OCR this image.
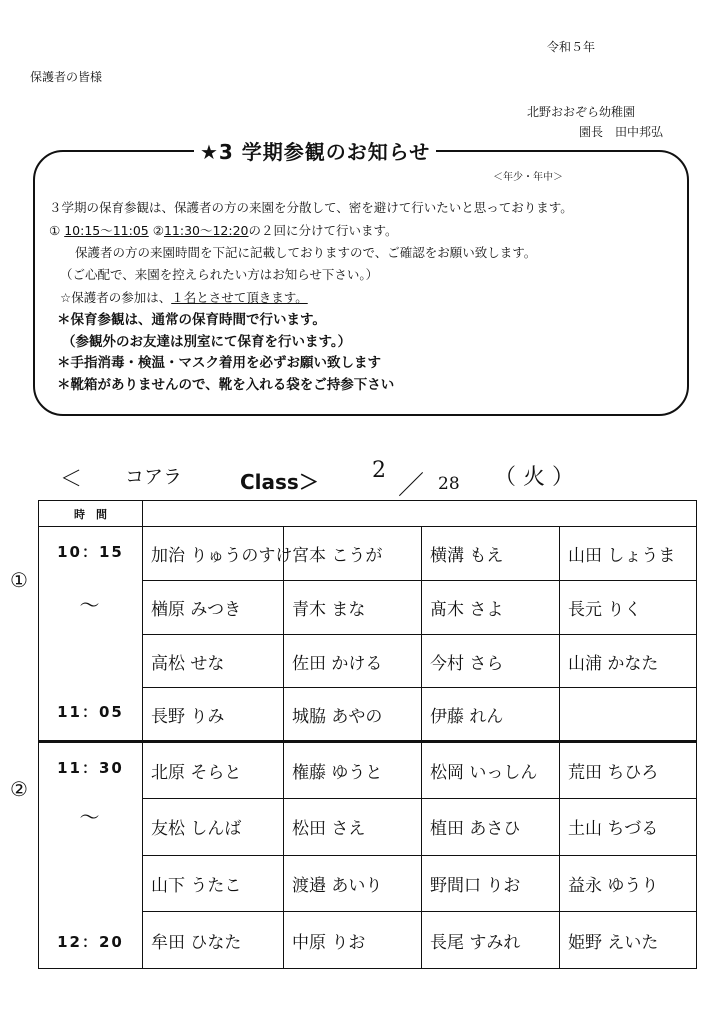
令和５年
保護者の皆様
北野おおぞら幼稚園
園長　田中邦弘
★3 学期参観のお知らせ
＜年少・年中＞
３学期の保育参観は、保護者の方の来園を分散して、密を避けて行いたいと思っております。
① 10:15～11:05 ②11:30～12:20の２回に分けて行います。
保護者の方の来園時間を下記に記載しておりますので、ご確認をお願い致します。
（ご心配で、来園を控えられたい方はお知らせ下さい。）
☆保護者の参加は、１名とさせて頂きます。
＊保育参観は、通常の保育時間で行います。
（参観外のお友達は別室にて保育を行います。）
＊手指消毒・検温・マスク着用を必ずお願い致します
＊靴箱がありませんので、靴を入れる袋をご持参下さい
＜ コアラ	Class＞ 2
／ 28 （ 火 ）
①
②
時　間				

10：15
〜
11：05	加治 りゅうのすけ	宮本 こうが	横溝 もえ	山田 しょうま
	楢原 みつき	青木 まな	髙木 さよ	長元 りく
	高松 せな	佐田 かける	今村 さら	山浦 かなた
	長野 りみ	城脇 あやの	伊藤 れん	

11：30
〜
12：20	北原 そらと	権藤 ゆうと	松岡 いっしん	荒田 ちひろ
	友松 しんば	松田 さえ	植田 あさひ	土山 ちづる
	山下 うたこ	渡邉 あいり	野間口 りお	益永 ゆうり
	牟田 ひなた	中原 りお	長尾 すみれ	姫野 えいた
